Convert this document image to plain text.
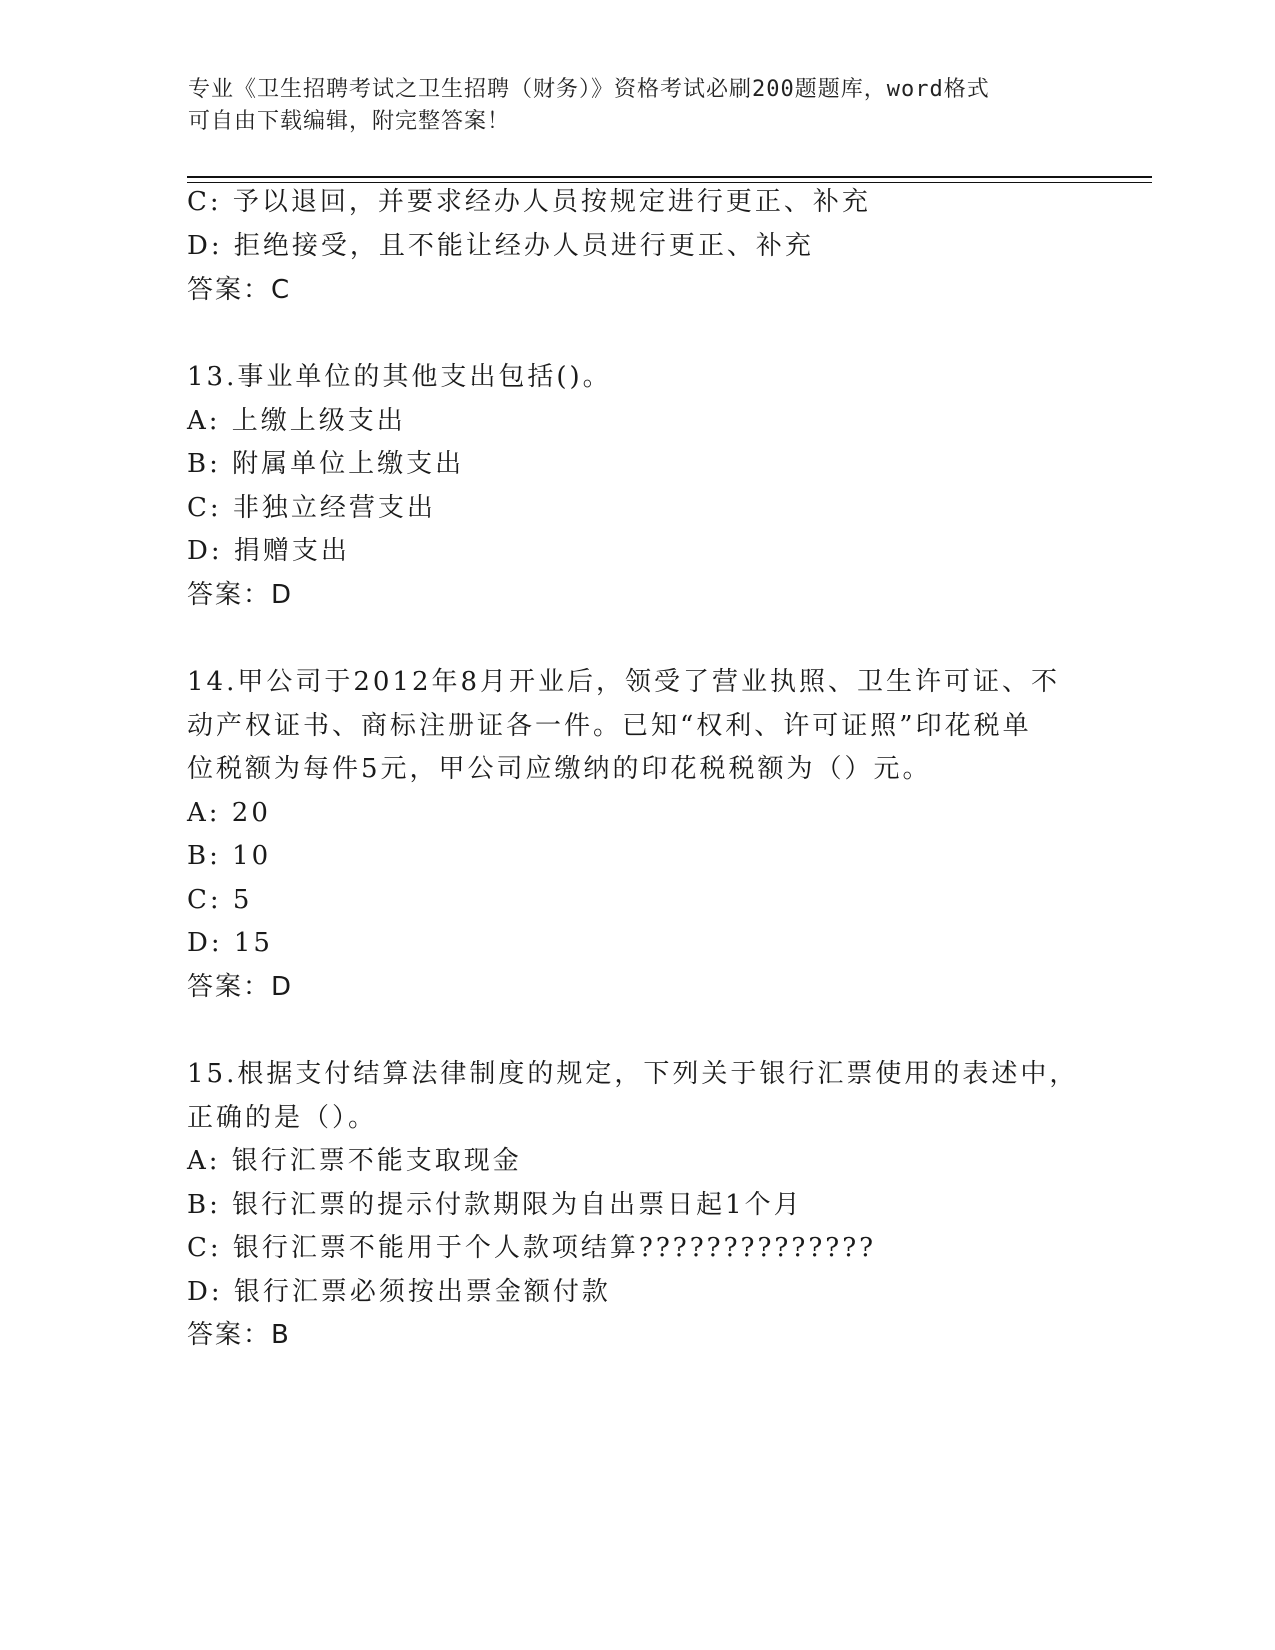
专业《卫生招聘考试之卫生招聘（财务）》资格考试必刷200题题库，word格式
可自由下载编辑，附完整答案！
C: 予以退回，并要求经办人员按规定进行更正、补充
D: 拒绝接受，且不能让经办人员进行更正、补充
答案：C
13.事业单位的其他支出包括()。
A: 上缴上级支出
B: 附属单位上缴支出
C: 非独立经营支出
D: 捐赠支出
答案：D
14.甲公司于2012年8月开业后，领受了营业执照、卫生许可证、不
动产权证书、商标注册证各一件。已知“权利、许可证照”印花税单
位税额为每件5元，甲公司应缴纳的印花税税额为（）元。
A: 20
B: 10
C: 5
D: 15
答案：D
15.根据支付结算法律制度的规定，下列关于银行汇票使用的表述中，
正确的是（）。
A: 银行汇票不能支取现金
B: 银行汇票的提示付款期限为自出票日起1个月
C: 银行汇票不能用于个人款项结算??????????????
D: 银行汇票必须按出票金额付款
答案：B
